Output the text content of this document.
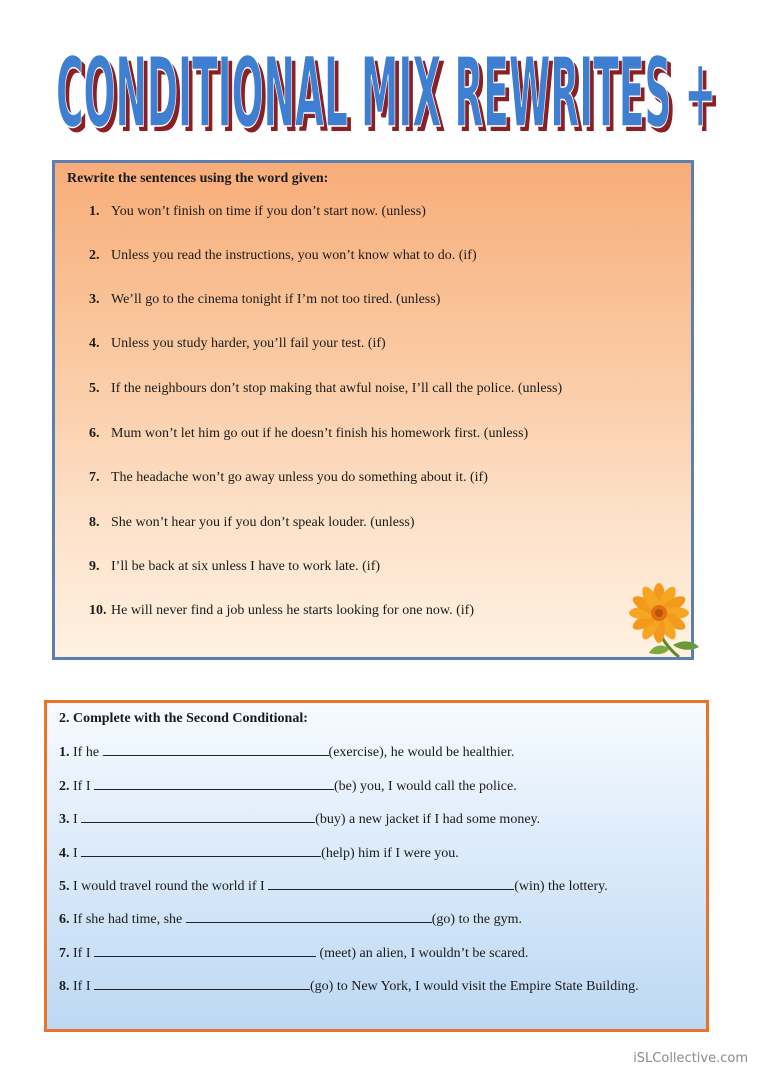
CONDITIONAL MIX REWRITES +
CONDITIONAL MIX REWRITES +
Rewrite the sentences using the word given:
1. You won’t finish on time if you don’t start now. (unless)
2. Unless you read the instructions, you won’t know what to do. (if)
3. We’ll go to the cinema tonight if I’m not too tired. (unless)
4. Unless you study harder, you’ll fail your test. (if)
5. If the neighbours don’t stop making that awful noise, I’ll call the police. (unless)
6. Mum won’t let him go out if he doesn’t finish his homework first. (unless)
7. The headache won’t go away unless you do something about it. (if)
8. She won’t hear you if you don’t speak louder. (unless)
9. I’ll be back at six unless I have to work late. (if)
10. He will never find a job unless he starts looking for one now. (if)
2. Complete with the Second Conditional:
1. If he	(exercise), he would be healthier.
2. If I	(be) you, I would call the police.
3. I	(buy) a new jacket if I had some money.
4. I	(help) him if I were you.
5. I would travel round the world if I	(win) the lottery.
6. If she had time, she	(go) to the gym.
7. If I	(meet) an alien, I wouldn’t be scared.
8. If I	(go) to New York, I would visit the Empire State Building.
iSLCollective.com
